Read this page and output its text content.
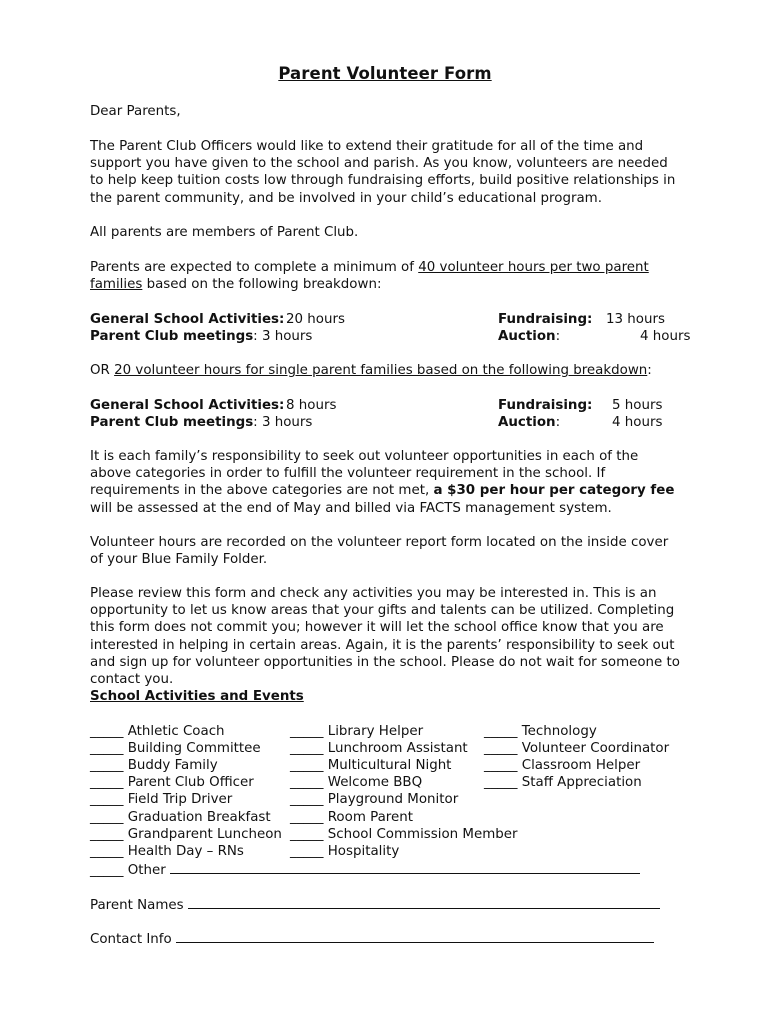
Parent Volunteer Form

Dear Parents,

The Parent Club Officers would like to extend their gratitude for all of the time and support you have given to the school and parish. As you know, volunteers are needed to help keep tuition costs low through fundraising efforts, build positive relationships in the parent community, and be involved in your child’s educational program.

All parents are members of Parent Club.

Parents are expected to complete a minimum of 40 volunteer hours per two parent families based on the following breakdown:

General School Activities: 20 hours	Fundraising: 13 hours
Parent Club meetings: 3 hours	Auction:	4 hours

OR 20 volunteer hours for single parent families based on the following breakdown:

General School Activities: 8 hours	Fundraising: 5 hours
Parent Club meetings: 3 hours	Auction:	4 hours

It is each family’s responsibility to seek out volunteer opportunities in each of the above categories in order to fulfill the volunteer requirement in the school. If requirements in the above categories are not met, a $30 per hour per category fee will be assessed at the end of May and billed via FACTS management system.

Volunteer hours are recorded on the volunteer report form located on the inside cover of your Blue Family Folder.

Please review this form and check any activities you may be interested in. This is an opportunity to let us know areas that your gifts and talents can be utilized. Completing this form does not commit you; however it will let the school office know that you are interested in helping in certain areas. Again, it is the parents’ responsibility to seek out and sign up for volunteer opportunities in the school. Please do not wait for someone to contact you.

School Activities and Events

_____ Athletic Coach
_____ Building Committee
_____ Buddy Family
_____ Parent Club Officer
_____ Field Trip Driver
_____ Graduation Breakfast
_____ Grandparent Luncheon
_____ Health Day – RNs
_____ Library Helper
_____ Lunchroom Assistant
_____ Multicultural Night
_____ Welcome BBQ
_____ Playground Monitor
_____ Room Parent
_____ School Commission Member
_____ Hospitality
_____ Technology
_____ Volunteer Coordinator
_____ Classroom Helper
_____ Staff Appreciation
_____ Other
Parent Names
Contact Info
